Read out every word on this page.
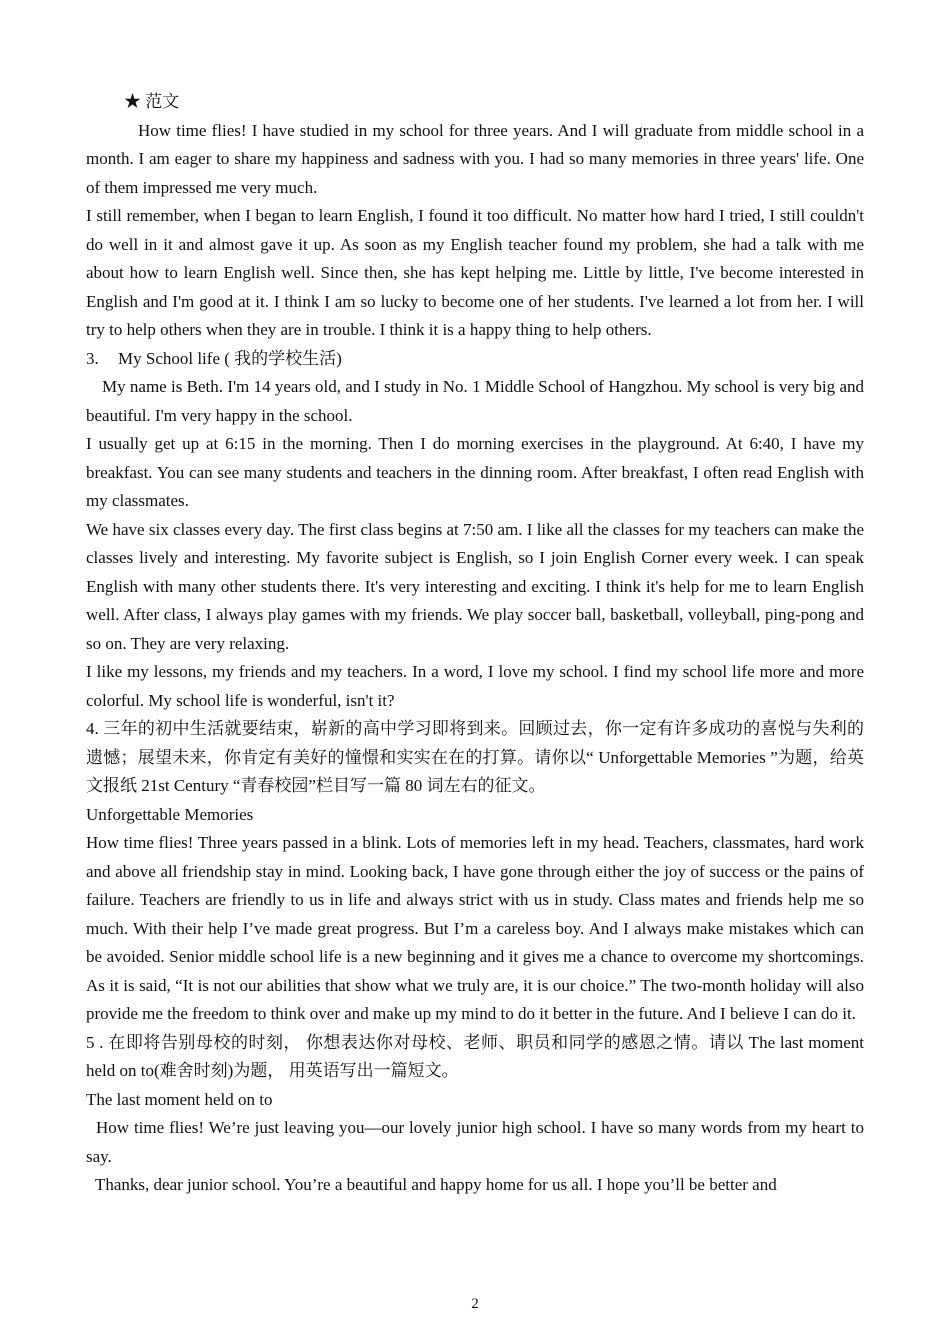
★ 范文

How time flies! I have studied in my school for three years. And I will graduate from middle school in a month. I am eager to share my happiness and sadness with you. I had so many memories in three years' life. One of them impressed me very much.

I still remember, when I began to learn English, I found it too difficult. No matter how hard I tried, I still couldn't do well in it and almost gave it up. As soon as my English teacher found my problem, she had a talk with me about how to learn English well. Since then, she has kept helping me. Little by little, I've become interested in English and I'm good at it. I think I am so lucky to become one of her students. I've learned a lot from her. I will try to help others when they are in trouble. I think it is a happy thing to help others.

3. My School life ( 我的学校生活)

My name is Beth. I'm 14 years old, and I study in No. 1 Middle School of Hangzhou. My school is very big and beautiful. I'm very happy in the school.

I usually get up at 6:15 in the morning. Then I do morning exercises in the playground. At 6:40, I have my breakfast. You can see many students and teachers in the dinning room. After breakfast, I often read English with my classmates.

We have six classes every day. The first class begins at 7:50 am. I like all the classes for my teachers can make the classes lively and interesting. My favorite subject is English, so I join English Corner every week. I can speak English with many other students there. It's very interesting and exciting. I think it's help for me to learn English well. After class, I always play games with my friends. We play soccer ball, basketball, volleyball, ping-pong and so on. They are very relaxing.

I like my lessons, my friends and my teachers. In a word, I love my school. I find my school life more and more colorful. My school life is wonderful, isn't it?

4. 三年的初中生活就要结束，崭新的高中学习即将到来。回顾过去，你一定有许多成功的喜悦与失利的遗憾；展望未来，你肯定有美好的憧憬和实实在在的打算。请你以“ Unforgettable Memories ”为题，给英文报纸 21st Century “青春校园”栏目写一篇 80 词左右的征文。

Unforgettable Memories

How time flies! Three years passed in a blink. Lots of memories left in my head. Teachers, classmates, hard work and above all friendship stay in mind. Looking back, I have gone through either the joy of success or the pains of failure. Teachers are friendly to us in life and always strict with us in study. Class mates and friends help me so much. With their help I’ve made great progress. But I’m a careless boy. And I always make mistakes which can be avoided. Senior middle school life is a new beginning and it gives me a chance to overcome my shortcomings. As it is said, “It is not our abilities that show what we truly are, it is our choice.” The two-month holiday will also provide me the freedom to think over and make up my mind to do it better in the future. And I believe I can do it.

5 . 在即将告别母校的时刻， 你想表达你对母校、老师、职员和同学的感恩之情。请以 The last moment held on to(难舍时刻)为题， 用英语写出一篇短文。

The last moment held on to

How time flies! We’re just leaving you—our lovely junior high school. I have so many words from my heart to say.

Thanks, dear junior school. You’re a beautiful and happy home for us all. I hope you’ll be better and

2
